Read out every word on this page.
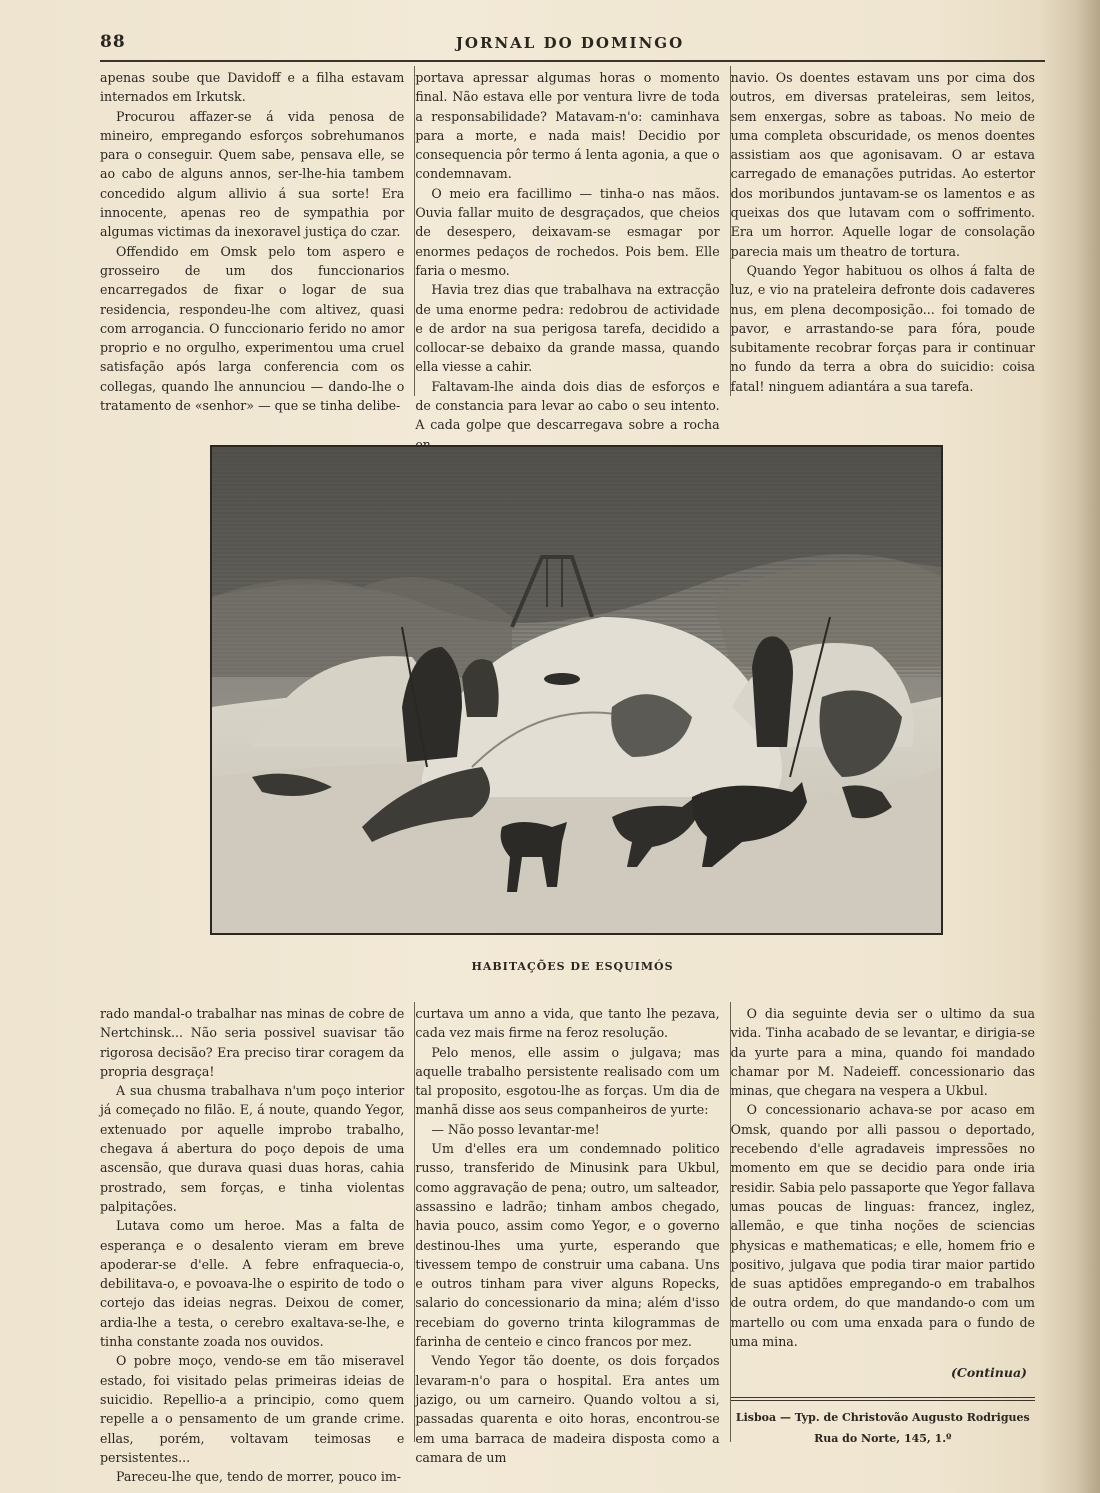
88	JORNAL DO DOMINGO

apenas soube que Davidoff e a filha estavam internados em Irkutsk.

Procurou affazer-se á vida penosa de mineiro, empregando esforços sobrehumanos para o conseguir. Quem sabe, pensava elle, se ao cabo de alguns annos, ser-lhe-hia tambem concedido algum allivio á sua sorte! Era innocente, apenas reo de sympathia por algumas victimas da inexoravel justiça do czar.

Offendido em Omsk pelo tom aspero e grosseiro de um dos funccionarios encarregados de fixar o logar de sua residencia, respondeu-lhe com altivez, quasi com arrogancia. O funccionario ferido no amor proprio e no orgulho, experimentou uma cruel satisfação após larga conferencia com os collegas, quando lhe annunciou — dando-lhe o tratamento de «senhor» — que se tinha delibe-

portava apressar algumas horas o momento final. Não estava elle por ventura livre de toda a responsabilidade? Matavam-n'o: caminhava para a morte, e nada mais! Decidio por consequencia pôr termo á lenta agonia, a que o condemnavam.

O meio era facillimo — tinha-o nas mãos. Ouvia fallar muito de desgraçados, que cheios de desespero, deixavam-se esmagar por enormes pedaços de rochedos. Pois bem. Elle faria o mesmo.

Havia trez dias que trabalhava na extracção de uma enorme pedra: redobrou de actividade e de ardor na sua perigosa tarefa, decidido a collocar-se debaixo da grande massa, quando ella viesse a cahir.

Faltavam-lhe ainda dois dias de esforços e de constancia para levar ao cabo o seu intento. A cada golpe que descarregava sobre a rocha

navio. Os doentes estavam uns por cima dos outros, em diversas prateleiras, sem leitos, sem enxergas, sobre as taboas. No meio de uma completa obscuridade, os menos doentes assistiam aos que agonisavam. O ar estava carregado de emanações putridas. Ao estertor dos moribundos juntavam-se os lamentos e as queixas dos que lutavam com o soffrimento. Era um horror. Aquelle logar de consolação parecia mais um theatro de tortura.

Quando Yegor habituou os olhos á falta de luz, e vio na prateleira defronte dois cadaveres nus, em plena decomposição... foi tomado de pavor, e arrastando-se para fóra, poude subitamente recobrar forças para ir continuar no fundo da terra a obra do suicidio: coisa fatal! ninguem adiantára a sua tarefa.

HABITAÇÕES DE ESQUIMÓS

rado mandal-o trabalhar nas minas de cobre de Nertchinsk... Não seria possivel suavisar tão rigorosa decisão? Era preciso tirar coragem da propria desgraça!

A sua chusma trabalhava n'um poço interior já começado no filão. E, á noute, quando Yegor, extenuado por aquelle improbo trabalho, chegava á abertura do poço depois de uma ascensão, que durava quasi duas horas, cahia prostrado, sem forças, e tinha violentas palpitações.

Lutava como um heroe. Mas a falta de esperança e o desalento vieram em breve apoderar-se d'elle. A febre enfraquecia-o, debilitava-o, e povoava-lhe o espirito de todo o cortejo das ideias negras. Deixou de comer, ardia-lhe a testa, o cerebro exaltava-se-lhe, e tinha constante zoada nos ouvidos.

O pobre moço, vendo-se em tão miseravel estado, foi visitado pelas primeiras ideias de suicidio. Repellio-a a principio, como quem repelle a o pensamento de um grande crime. ellas, porém, voltavam teimosas e persistentes...

Pareceu-lhe que, tendo de morrer, pouco im-

curtava um anno a vida, que tanto lhe pezava, cada vez mais firme na feroz resolução.

Pelo menos, elle assim o julgava; mas aquelle trabalho persistente realisado com um tal proposito, esgotou-lhe as forças. Um dia de manhã disse aos seus companheiros de yurte:

— Não posso levantar-me!

Um d'elles era um condemnado politico russo, transferido de Minusink para Ukbul, como aggravação de pena; outro, um salteador, assassino e ladrão; tinham ambos chegado, havia pouco, assim como Yegor, e o governo destinou-lhes uma yurte, esperando que tivessem tempo de construir uma cabana. Uns e outros tinham para viver alguns Ropecks, salario do concessionario da mina; além d'isso recebiam do governo trinta kilogrammas de farinha de centeio e cinco francos por mez.

Vendo Yegor tão doente, os dois forçados levaram-n'o para o hospital. Era antes um jazigo, ou um carneiro. Quando voltou a si, passadas quarenta e oito horas, encontrou-se em uma barraca de madeira disposta como a camara de um

O dia seguinte devia ser o ultimo da sua vida. Tinha acabado de se levantar, e dirigia-se da yurte para a mina, quando foi mandado chamar por M. Nadeieff. concessionario das minas, que chegara na vespera a Ukbul.

O concessionario achava-se por acaso em Omsk, quando por alli passou o deportado, recebendo d'elle agradaveis impressões no momento em que se decidio para onde iria residir. Sabia pelo passaporte que Yegor fallava umas poucas de linguas: francez, inglez, allemão, e que tinha noções de sciencias physicas e mathematicas; e elle, homem frio e positivo, julgava que podia tirar maior partido de suas aptidões empregando-o em trabalhos de outra ordem, do que mandando-o com um martello ou com uma enxada para o fundo de uma mina.

(Continua)
Lisboa — Typ. de Christovão Augusto Rodrigues
Rua do Norte, 145, 1.º
